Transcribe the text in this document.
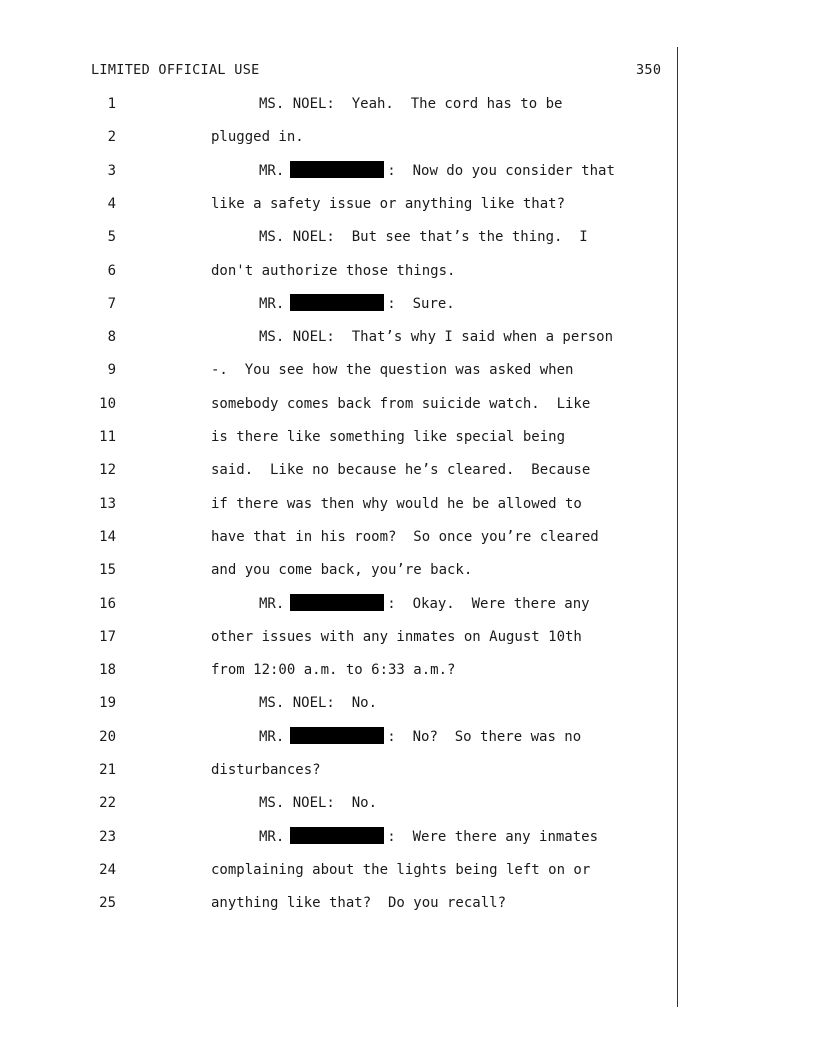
LIMITED OFFICIAL USE	350
1	MS. NOEL:  Yeah.  The cord has to be
2	plugged in.
3	MR.	:  Now do you consider that
4	like a safety issue or anything like that?
5	MS. NOEL:  But see that’s the thing.  I
6	don't authorize those things.
7	MR.	:  Sure.
8	MS. NOEL:  That’s why I said when a person
9	-.  You see how the question was asked when
10	somebody comes back from suicide watch.  Like
11	is there like something like special being
12	said.  Like no because he’s cleared.  Because
13	if there was then why would he be allowed to
14	have that in his room?  So once you’re cleared
15	and you come back, you’re back.
16	MR.	:  Okay.  Were there any
17	other issues with any inmates on August 10th
18	from 12:00 a.m. to 6:33 a.m.?
19	MS. NOEL:  No.
20	MR.	:  No?  So there was no
21	disturbances?
22	MS. NOEL:  No.
23	MR.	:  Were there any inmates
24	complaining about the lights being left on or
25	anything like that?  Do you recall?
